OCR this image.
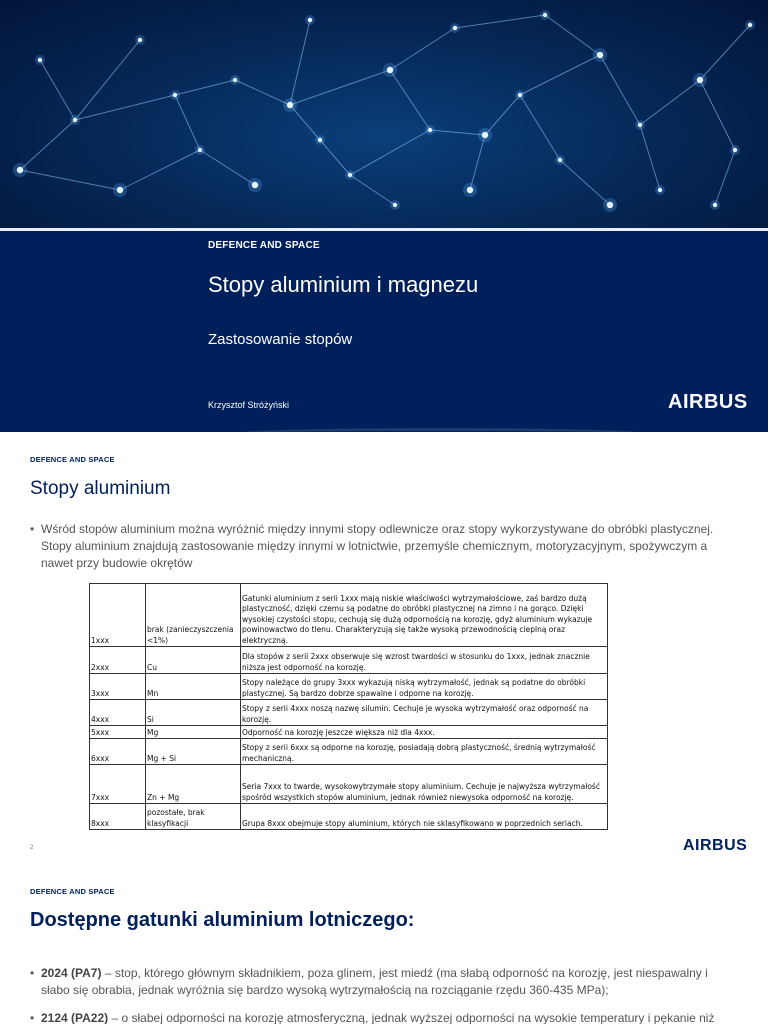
DEFENCE AND SPACE
Stopy aluminium i magnezu
Zastosowanie stopów
Krzysztof Stróżyński	AIRBUS
DEFENCE AND SPACE
Stopy aluminium
• Wśród stopów aluminium można wyróżnić między innymi stopy odlewnicze oraz stopy wykorzystywane do obróbki plastycznej. Stopy aluminium znajdują zastosowanie między innymi w lotnictwie, przemyśle chemicznym, motoryzacyjnym, spożywczym a nawet przy budowie okrętów
1xxx	brak (zanieczyszczenia <1%)	Gatunki aluminium z serii 1xxx mają niskie właściwości wytrzymałościowe, zaś bardzo dużą plastyczność, dzięki czemu są podatne do obróbki plastycznej na zimno i na gorąco. Dzięki wysokiej czystości stopu, cechują się dużą odpornością na korozję, gdyż aluminium wykazuje powinowactwo do tlenu. Charakteryzują się także wysoką przewodnością cieplną oraz elektryczną.
2xxx	Cu	Dla stopów z serii 2xxx obserwuje się wzrost twardości w stosunku do 1xxx, jednak znacznie niższa jest odporność na korozję.
3xxx	Mn	Stopy należące do grupy 3xxx wykazują niską wytrzymałość, jednak są podatne do obróbki plastycznej. Są bardzo dobrze spawalne i odporne na korozję.
4xxx	Si	Stopy z serii 4xxx noszą nazwę silumin. Cechuje je wysoka wytrzymałość oraz odporność na korozję.
5xxx	Mg	Odporność na korozję jeszcze większa niż dla 4xxx.
6xxx	Mg + Si	Stopy z serii 6xxx są odporne na korozję, posiadają dobrą plastyczność, średnią wytrzymałość mechaniczną.
7xxx	Zn + Mg	Seria 7xxx to twarde, wysokowytrzymałe stopy aluminium. Cechuje je najwyższa wytrzymałość spośród wszystkich stopów aluminium, jednak również niewysoka odporność na korozję.
8xxx	pozostałe, brak klasyfikacji	Grupa 8xxx obejmuje stopy aluminium, których nie sklasyfikowano w poprzednich seriach.
2	AIRBUS
DEFENCE AND SPACE
Dostępne gatunki aluminium lotniczego:
• 2024 (PA7) – stop, którego głównym składnikiem, poza glinem, jest miedź (ma słabą odporność na korozję, jest niespawalny i słabo się obrabia, jednak wyróżnia się bardzo wysoką wytrzymałością na rozciąganie rzędu 360-435 MPa);
• 2124 (PA22) – o słabej odporności na korozję atmosferyczną, jednak wyższej odporności na wysokie temperatury i pękanie niż
